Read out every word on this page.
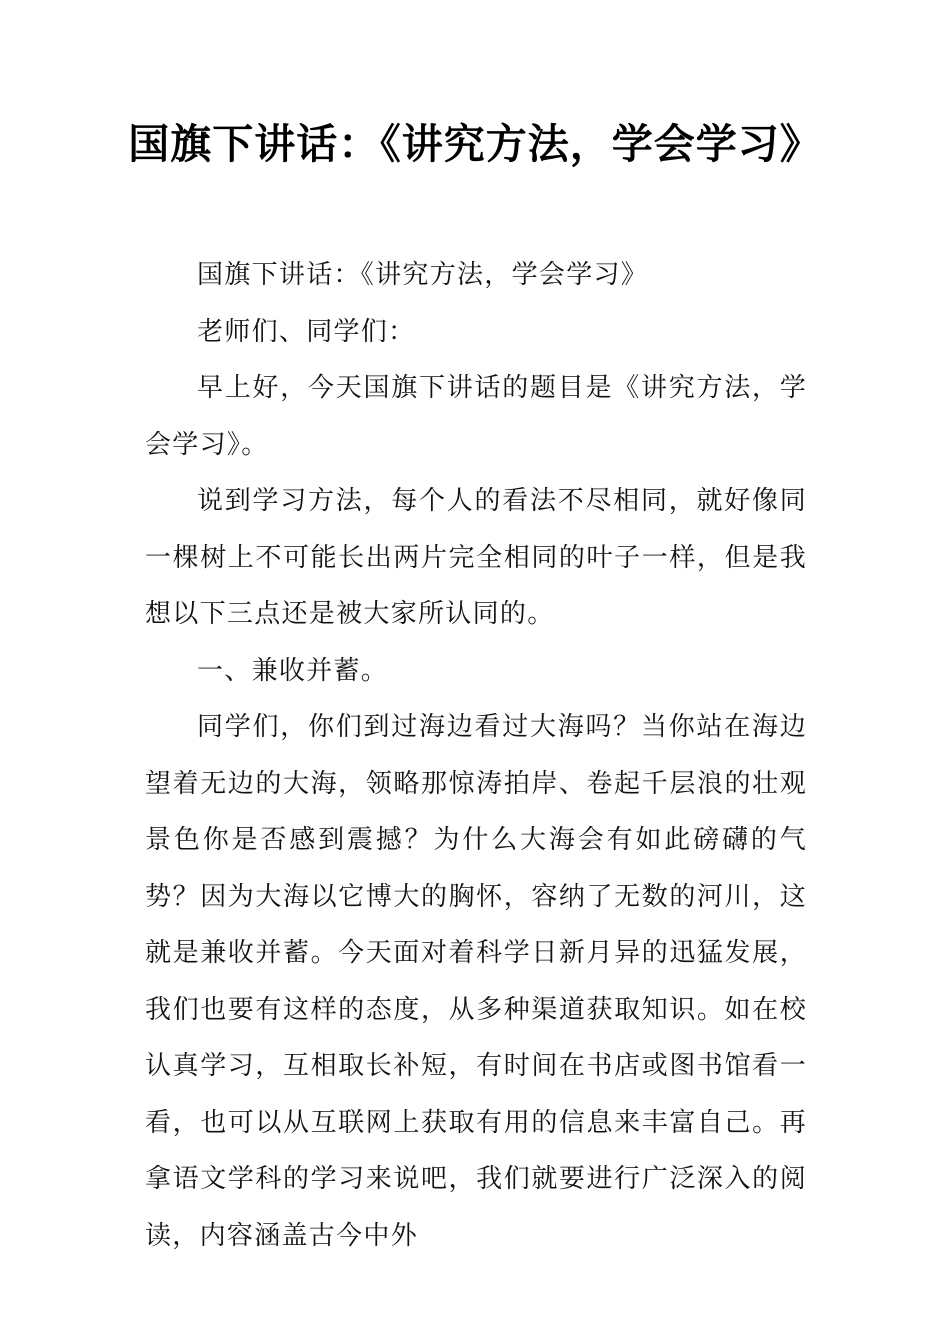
国旗下讲话：《讲究方法，学会学习》

国旗下讲话：《讲究方法，学会学习》

老师们、同学们：

早上好，今天国旗下讲话的题目是《讲究方法，学会学习》。

说到学习方法，每个人的看法不尽相同，就好像同一棵树上不可能长出两片完全相同的叶子一样，但是我想以下三点还是被大家所认同的。

一、兼收并蓄。

同学们，你们到过海边看过大海吗？当你站在海边望着无边的大海，领略那惊涛拍岸、卷起千层浪的壮观景色你是否感到震撼？为什么大海会有如此磅礴的气势？因为大海以它博大的胸怀，容纳了无数的河川，这就是兼收并蓄。今天面对着科学日新月异的迅猛发展，我们也要有这样的态度，从多种渠道获取知识。如在校认真学习，互相取长补短，有时间在书店或图书馆看一看，也可以从互联网上获取有用的信息来丰富自己。再拿语文学科的学习来说吧，我们就要进行广泛深入的阅读，内容涵盖古今中外
